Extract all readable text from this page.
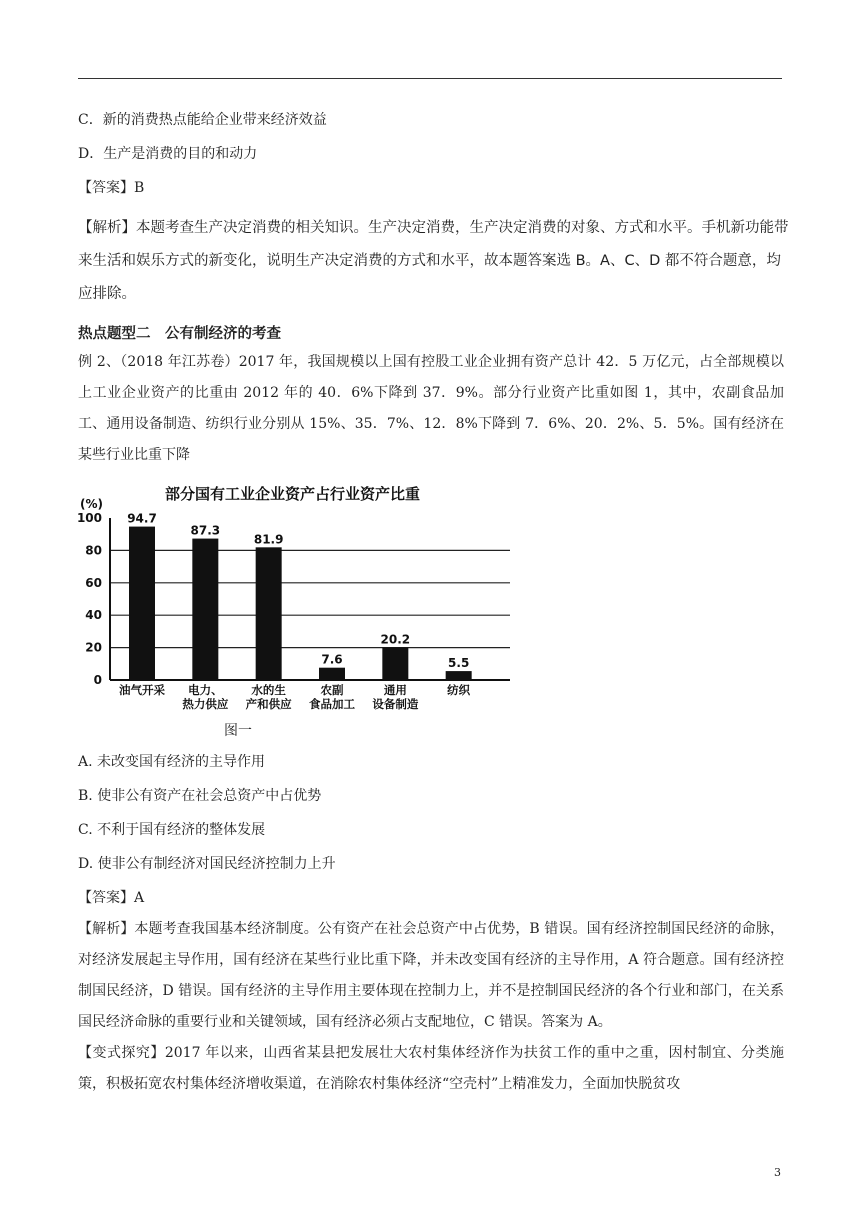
C．新的消费热点能给企业带来经济效益
D．生产是消费的目的和动力
【答案】B
【解析】本题考查生产决定消费的相关知识。生产决定消费，生产决定消费的对象、方式和水平。手机新功能带来生活和娱乐方式的新变化，说明生产决定消费的方式和水平，故本题答案选 B。A、C、D 都不符合题意，均应排除。
热点题型二　公有制经济的考查
例 2、（2018 年江苏卷）2017 年，我国规模以上国有控股工业企业拥有资产总计 42．5 万亿元，占全部规模以上工业企业资产的比重由 2012 年的 40．6%下降到 37．9%。部分行业资产比重如图 1，其中，农副食品加工、通用设备制造、纺织行业分别从 15%、35．7%、12．8%下降到 7．6%、20．2%、5．5%。国有经济在某些行业比重下降
部分国有工业企业资产占行业资产比重
(%)
0
20
40
60
80
100 94.7
油气开采
87.3
电力、
热力供应
81.9
水的生
产和供应
7.6
农副
食品加工
20.2
通用
设备制造
5.5
纺织
图一
A. 未改变国有经济的主导作用
B. 使非公有资产在社会总资产中占优势
C. 不利于国有经济的整体发展
D. 使非公有制经济对国民经济控制力上升
【答案】A
【解析】本题考查我国基本经济制度。公有资产在社会总资产中占优势，B 错误。国有经济控制国民经济的命脉，对经济发展起主导作用，国有经济在某些行业比重下降，并未改变国有经济的主导作用，A 符合题意。国有经济控制国民经济，D 错误。国有经济的主导作用主要体现在控制力上，并不是控制国民经济的各个行业和部门，在关系国民经济命脉的重要行业和关键领域，国有经济必须占支配地位，C 错误。答案为 A。
【变式探究】2017 年以来，山西省某县把发展壮大农村集体经济作为扶贫工作的重中之重，因村制宜、分类施策，积极拓宽农村集体经济增收渠道，在消除农村集体经济“空壳村”上精准发力，全面加快脱贫攻
3
